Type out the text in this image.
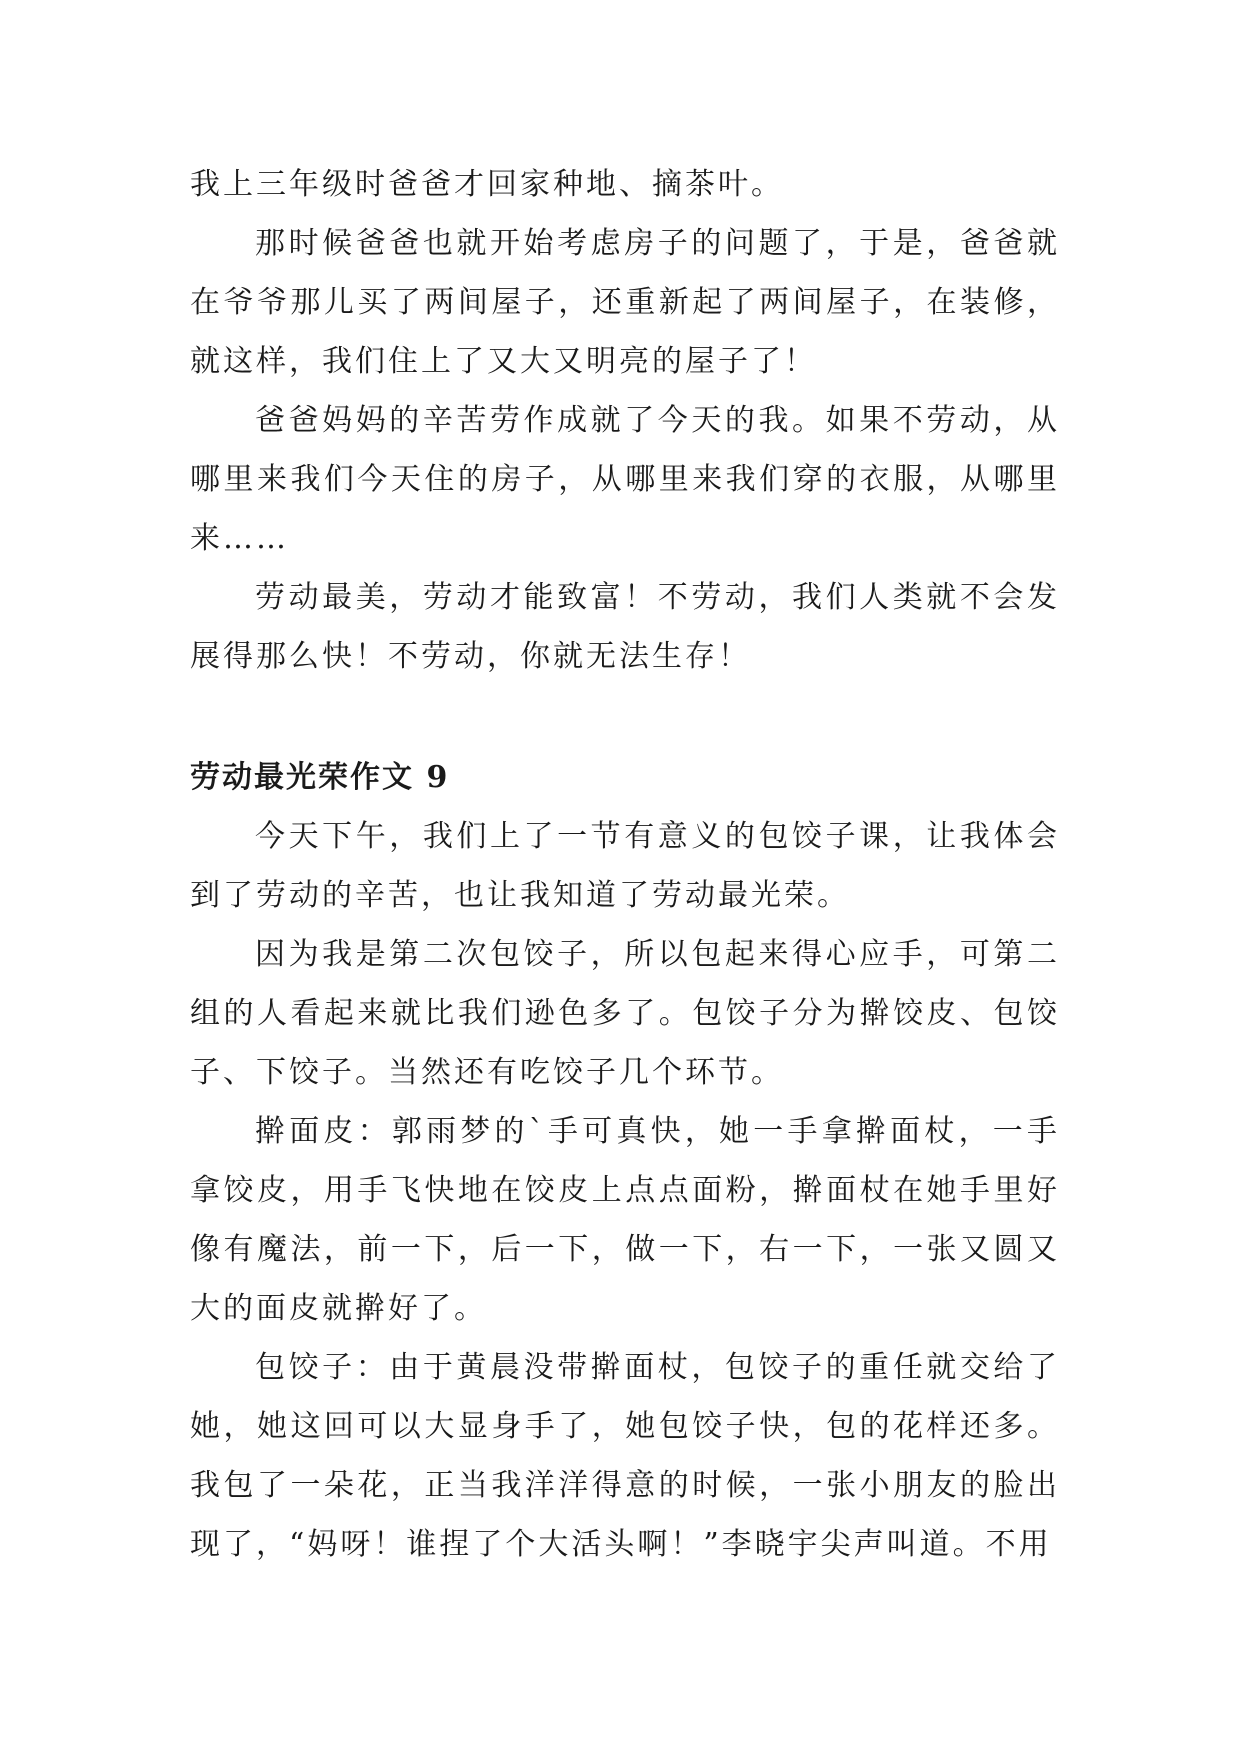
我上三年级时爸爸才回家种地、摘茶叶。

那时候爸爸也就开始考虑房子的问题了，于是，爸爸就在爷爷那儿买了两间屋子，还重新起了两间屋子，在装修，就这样，我们住上了又大又明亮的屋子了！

爸爸妈妈的辛苦劳作成就了今天的我。如果不劳动，从哪里来我们今天住的房子，从哪里来我们穿的衣服，从哪里来……

劳动最美，劳动才能致富！不劳动，我们人类就不会发展得那么快！不劳动，你就无法生存！

劳动最光荣作文 9

今天下午，我们上了一节有意义的包饺子课，让我体会到了劳动的辛苦，也让我知道了劳动最光荣。

因为我是第二次包饺子，所以包起来得心应手，可第二组的人看起来就比我们逊色多了。包饺子分为擀饺皮、包饺子、下饺子。当然还有吃饺子几个环节。

擀面皮：郭雨梦的`手可真快，她一手拿擀面杖，一手拿饺皮，用手飞快地在饺皮上点点面粉，擀面杖在她手里好像有魔法，前一下，后一下，做一下，右一下，一张又圆又大的面皮就擀好了。

包饺子：由于黄晨没带擀面杖，包饺子的重任就交给了她，她这回可以大显身手了，她包饺子快，包的花样还多。我包了一朵花，正当我洋洋得意的时候，一张小朋友的脸出现了，“妈呀！谁捏了个大活头啊！”李晓宇尖声叫道。不用
